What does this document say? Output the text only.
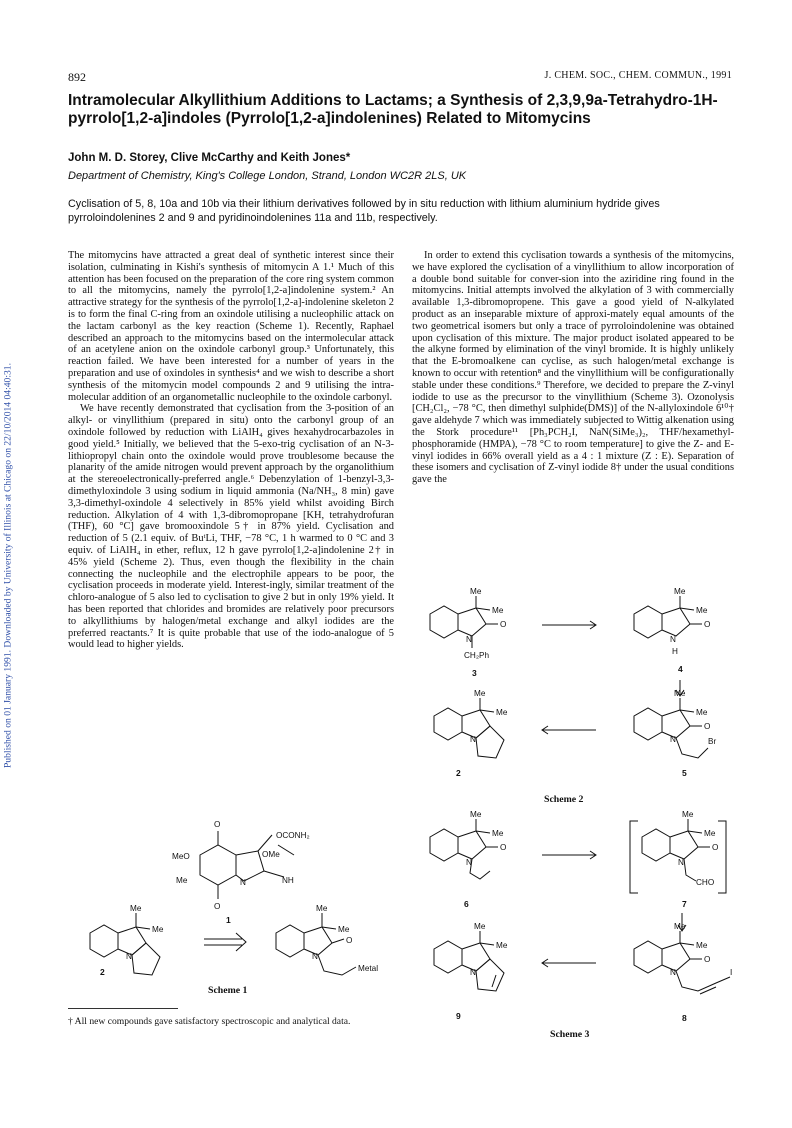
892	J. CHEM. SOC., CHEM. COMMUN., 1991
Intramolecular Alkyllithium Additions to Lactams; a Synthesis of 2,3,9,9a-Tetrahydro-1H-pyrrolo[1,2-a]indoles (Pyrrolo[1,2-a]indolenines) Related to Mitomycins
John M. D. Storey, Clive McCarthy and Keith Jones*
Department of Chemistry, King's College London, Strand, London WC2R 2LS, UK
Cyclisation of 5, 8, 10a and 10b via their lithium derivatives followed by in situ reduction with lithium aluminium hydride gives pyrroloindolenines 2 and 9 and pyridinoindolenines 11a and 11b, respectively.
Published on 01 January 1991. Downloaded by University of Illinois at Chicago on 22/10/2014 04:40:31.

The mitomycins have attracted a great deal of synthetic interest since their isolation, culminating in Kishi's synthesis of mitomycin A 1.¹ Much of this attention has been focused on the preparation of the core ring system common to all the mitomycins, namely the pyrrolo[1,2-a]indolenine system.² An attractive strategy for the synthesis of the pyrrolo[1,2-a]-indolenine skeleton 2 is to form the final C-ring from an oxindole utilising a nucleophilic attack on the lactam carbonyl as the key reaction (Scheme 1). Recently, Raphael described an approach to the mitomycins based on the intermolecular attack of an acetylene anion on the oxindole carbonyl group.³ Unfortunately, this reaction failed. We have been interested for a number of years in the preparation and use of oxindoles in synthesis⁴ and we wish to describe a short synthesis of the mitomycin model compounds 2 and 9 utilising the intra-molecular addition of an organometallic nucleophile to the oxindole carbonyl.

We have recently demonstrated that cyclisation from the 3-position of an alkyl- or vinyllithium (prepared in situ) onto the carbonyl group of an oxindole followed by reduction with LiAlH₄ gives hexahydrocarbazoles in good yield.⁵ Initially, we believed that the 5-exo-trig cyclisation of an N-3-lithiopropyl chain onto the oxindole would prove troublesome because the planarity of the amide nitrogen would prevent approach by the organolithium at the stereoelectronically-preferred angle.⁶ Debenzylation of 1-benzyl-3,3-dimethyloxindole 3 using sodium in liquid ammonia (Na/NH₃, 8 min) gave 3,3-dimethyl-oxindole 4 selectively in 85% yield whilst avoiding Birch reduction. Alkylation of 4 with 1,3-dibromopropane [KH, tetrahydrofuran (THF), 60 °C] gave bromooxindole 5† in 87% yield. Cyclisation and reduction of 5 (2.1 equiv. of BuᵗLi, THF, −78 °C, 1 h warmed to 0 °C and 3 equiv. of LiAlH₄ in ether, reflux, 12 h gave pyrrolo[1,2-a]indolenine 2† in 45% yield (Scheme 2). Thus, even though the flexibility in the chain connecting the nucleophile and the electrophile appears to be poor, the cyclisation proceeds in moderate yield. Interest-ingly, similar treatment of the chloro-analogue of 5 also led to cyclisation to give 2 but in only 19% yield. It has been reported that chlorides and bromides are relatively poor precursors to alkyllithiums by halogen/metal exchange and alkyl iodides are the preferred reactants.⁷ It is quite probable that use of the iodo-analogue of 5 would lead to higher yields.

In order to extend this cyclisation towards a synthesis of the mitomycins, we have explored the cyclisation of a vinyllithium to allow incorporation of a double bond suitable for conver-sion into the aziridine ring found in the mitomycins. Initial attempts involved the alkylation of 3 with commercially available 1,3-dibromopropene. This gave a good yield of N-alkylated product as an inseparable mixture of approxi-mately equal amounts of the two geometrical isomers but only a trace of pyrroloindolenine was obtained upon cyclisation of this mixture. The major product isolated appeared to be the alkyne formed by elimination of the vinyl bromide. It is highly unlikely that the E-bromoalkene can cyclise, as such halogen/metal exchange is known to occur with retention⁸ and the vinyllithium will be configurationally stable under these conditions.⁹ Therefore, we decided to prepare the Z-vinyl iodide to use as the precursor to the vinyllithium (Scheme 3). Ozonolysis [CH₂Cl₂, −78 °C, then dimethyl sulphide(DMS)] of the N-allyloxindole 6¹⁰† gave aldehyde 7 which was immediately subjected to Wittig alkenation using the Stork procedure¹¹ [Ph₃PCH₂I, NaN(SiMe₃)₂, THF/hexamethyl-phosphoramide (HMPA), −78 °C to room temperature] to give the Z- and E-vinyl iodides in 66% overall yield as a 4 : 1 mixture (Z : E). Separation of these isomers and cyclisation of Z-vinyl iodide 8† under the usual conditions gave the

O
O
MeO
Me
OCONH₂
OMe
N	NH
1
Me
Me
N
2
Me
Me
O
N
Metal
Scheme 1
Me
Me
O
N
CH₂Ph
3
Me
Me
O
N
H
4
Me
Me
N
2
Me
Me
O
N	Br
5
Scheme 2
Me
Me
O
N
6
Me
Me
O
N
CHO
7
Me
Me
N
9
Me
Me
O
N	I
8
Scheme 3
† All new compounds gave satisfactory spectroscopic and analytical data.
